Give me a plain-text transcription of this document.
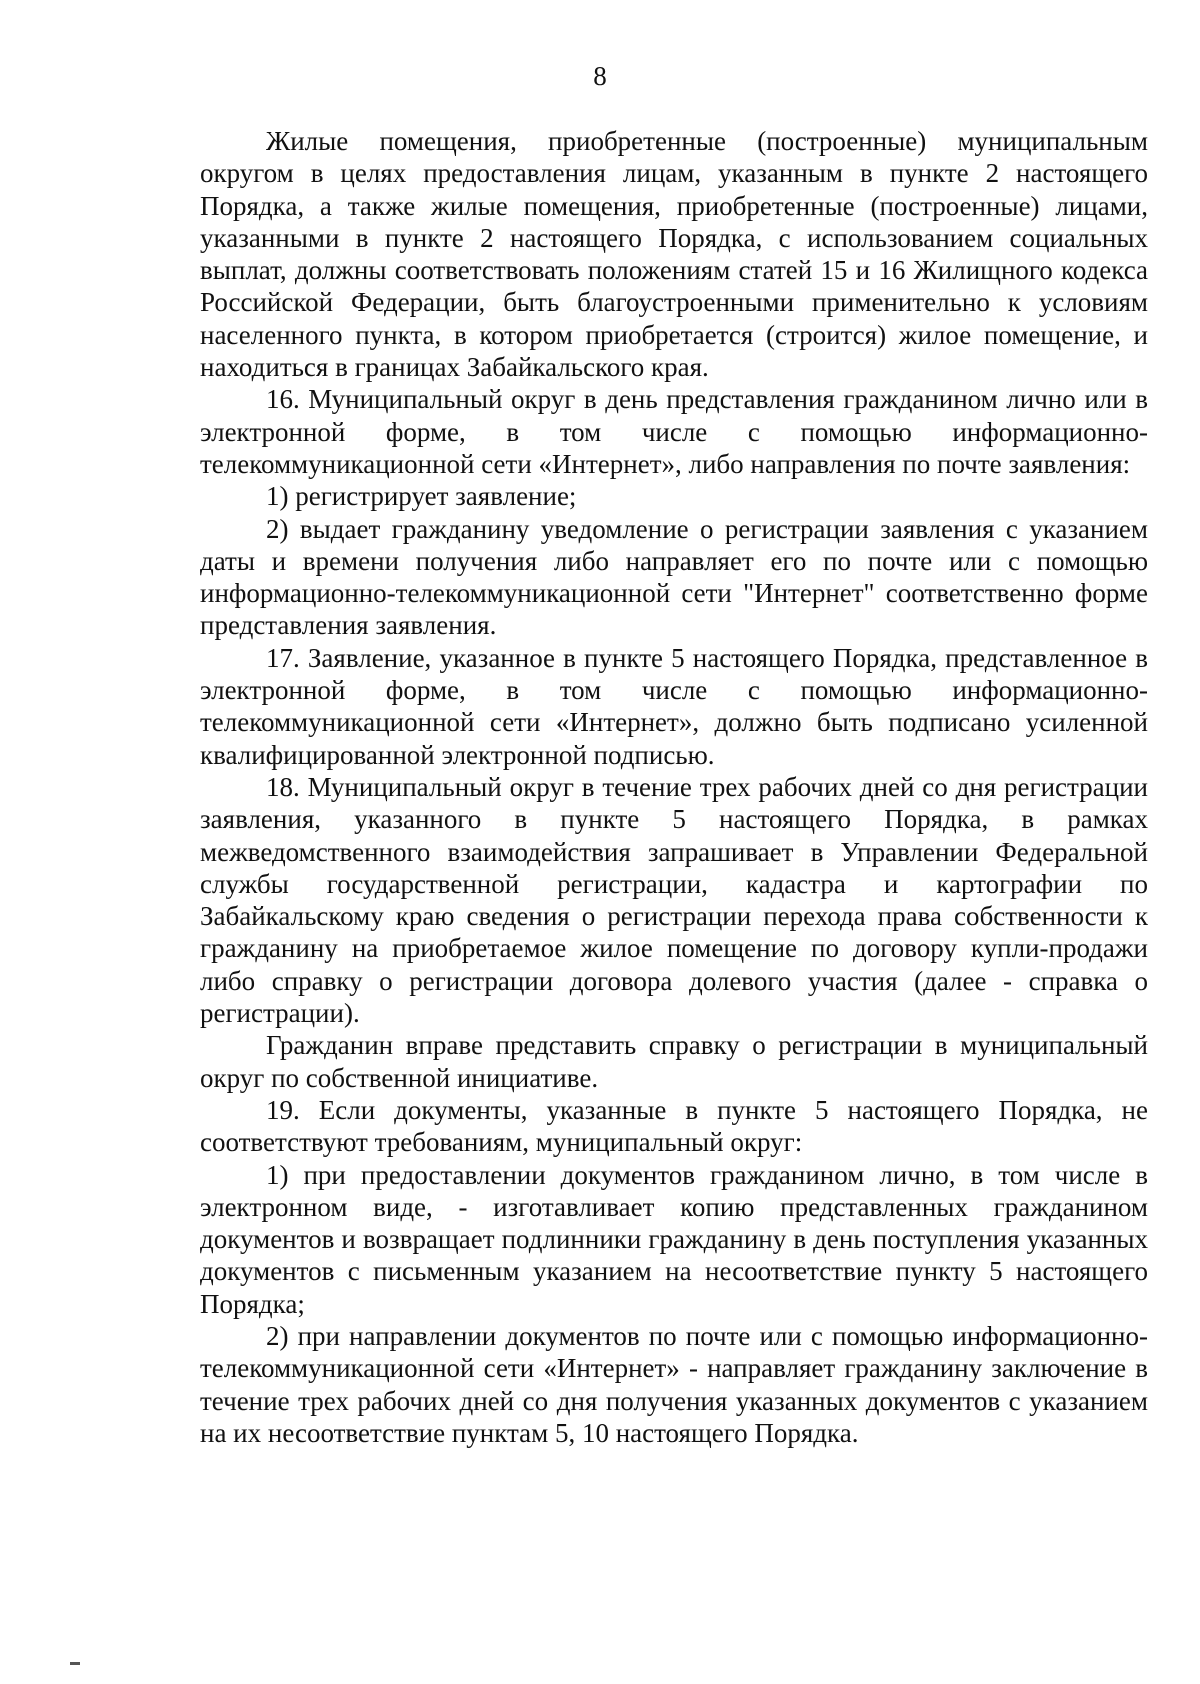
8

Жилые помещения, приобретенные (построенные) муниципальным округом в целях предоставления лицам, указанным в пункте 2 настоящего Порядка, а также жилые помещения, приобретенные (построенные) лицами, указанными в пункте 2 настоящего Порядка, с использованием социальных выплат, должны соответствовать положениям статей 15 и 16 Жилищного кодекса Российской Федерации, быть благоустроенными применительно к условиям населенного пункта, в котором приобретается (строится) жилое помещение, и находиться в границах Забайкальского края.

16. Муниципальный округ в день представления гражданином лично или в электронной форме, в том числе с помощью информационно-телекоммуникационной сети «Интернет», либо направления по почте заявления:

1) регистрирует заявление;

2) выдает гражданину уведомление о регистрации заявления с указанием даты и времени получения либо направляет его по почте или с помощью информационно-телекоммуникационной сети "Интернет" соответственно форме представления заявления.

17. Заявление, указанное в пункте 5 настоящего Порядка, представленное в электронной форме, в том числе с помощью информационно-телекоммуникационной сети «Интернет», должно быть подписано усиленной квалифицированной электронной подписью.

18. Муниципальный округ в течение трех рабочих дней со дня регистрации заявления, указанного в пункте 5 настоящего Порядка, в рамках межведомственного взаимодействия запрашивает в Управлении Федеральной службы государственной регистрации, кадастра и картографии по Забайкальскому краю сведения о регистрации перехода права собственности к гражданину на приобретаемое жилое помещение по договору купли-продажи либо справку о регистрации договора долевого участия (далее - справка о регистрации).

Гражданин вправе представить справку о регистрации в муниципальный округ по собственной инициативе.

19. Если документы, указанные в пункте 5 настоящего Порядка, не соответствуют требованиям, муниципальный округ:

1) при предоставлении документов гражданином лично, в том числе в электронном виде, - изготавливает копию представленных гражданином документов и возвращает подлинники гражданину в день поступления указанных документов с письменным указанием на несоответствие пункту 5 настоящего Порядка;

2) при направлении документов по почте или с помощью информационно-телекоммуникационной сети «Интернет» - направляет гражданину заключение в течение трех рабочих дней со дня получения указанных документов с указанием на их несоответствие пунктам 5, 10 настоящего Порядка.
